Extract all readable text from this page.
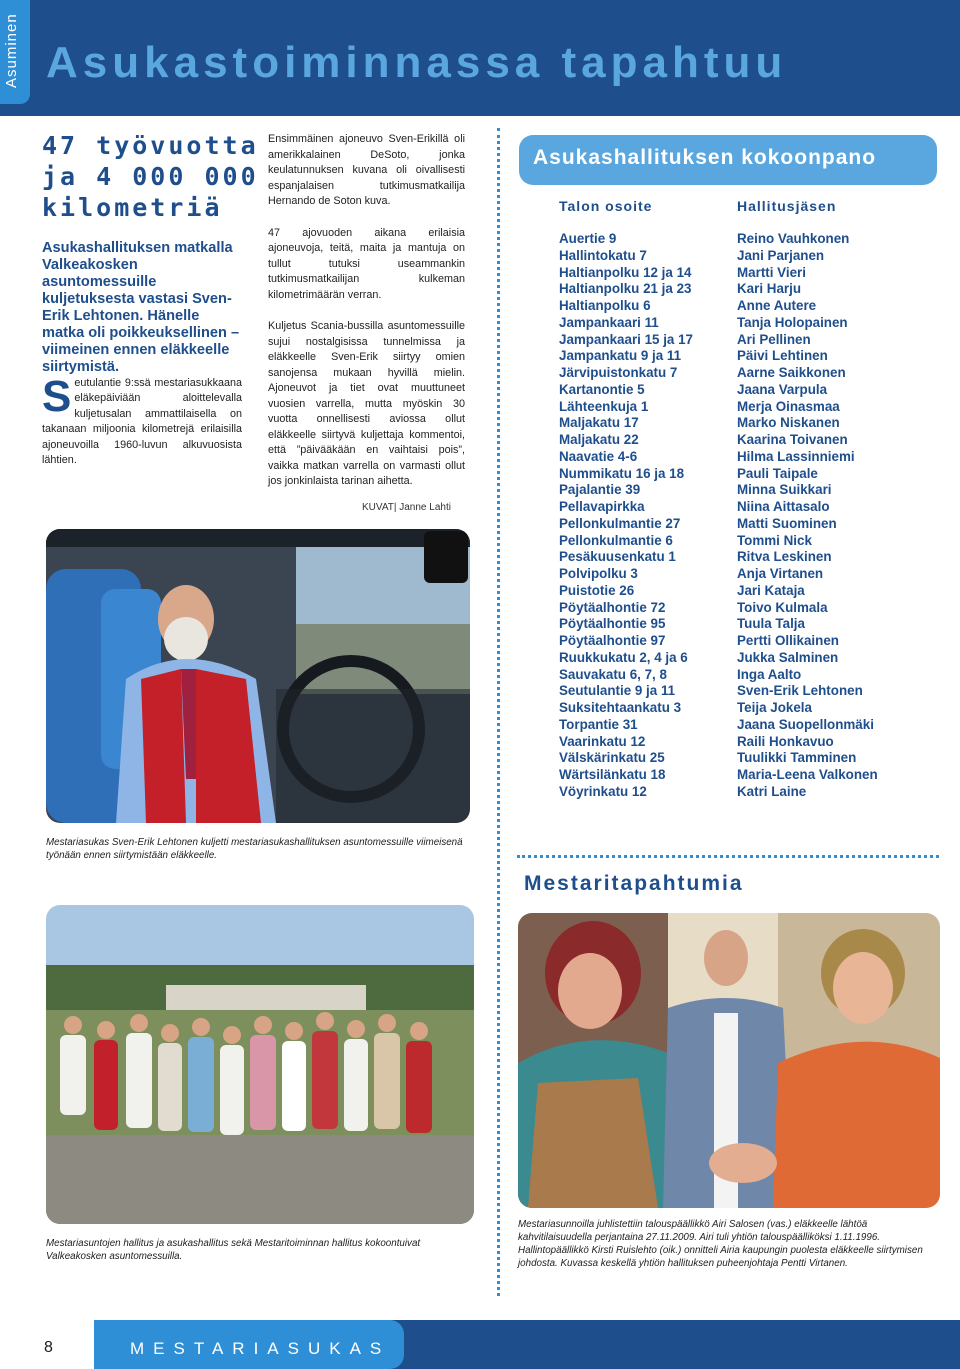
Asuminen Asukastoiminnassa tapahtuu
47 työvuotta
ja 4 000 000
kilometriä

Asukashallituksen matkalla Valkeakosken asuntomessuille kuljetuksesta vastasi Sven-Erik Lehtonen. Hänelle matka oli poikkeuksellinen – viimeinen ennen eläkkeelle siirtymistä.

Seutulantie 9:ssä mestariasukkaana eläkepäiviään aloittelevalla kuljetusalan ammattilaisella on takanaan miljoonia kilometrejä erilaisilla ajoneuvoilla 1960-luvun alkuvuosista lähtien.

Ensimmäinen ajoneuvo Sven-Erikillä oli amerikkalainen DeSoto, jonka keulatunnuksen kuvana oli oivallisesti espanjalaisen tutkimusmatkailija Hernando de Soton kuva.

47 ajovuoden aikana erilaisia ajoneuvoja, teitä, maita ja mantuja on tullut tutuksi useammankin tutkimusmatkailijan kulkeman kilometrimäärän verran.

Kuljetus Scania-bussilla asuntomessuille sujui nostalgisissa tunnelmissa ja eläkkeelle Sven-Erik siirtyy omien sanojensa mukaan hyvillä mielin. Ajoneuvot ja tiet ovat muuttuneet vuosien varrella, mutta myöskin 30 vuotta onnellisesti aviossa ollut eläkkeelle siirtyvä kuljettaja kommentoi, että ”päivääkään en vaihtaisi pois”, vaikka matkan varrella on varmasti ollut jos jonkinlaista tarinan aihetta.

KUVAT| Janne Lahti

Mestariasukas Sven-Erik Lehtonen kuljetti mestariasukashallituksen asuntomessuille viimeisenä työnään ennen siirtymistään eläkkeelle.

Mestariasuntojen hallitus ja asukashallitus sekä Mestaritoiminnan hallitus kokoontuivat Valkeakosken asuntomessuilla.

Asukashallituksen kokoonpano
Talon osoite	Hallitusjäsen
Auertie 9
Hallintokatu 7
Haltianpolku 12 ja 14
Haltianpolku 21 ja 23
Haltianpolku 6
Jampankaari 11
Jampankaari 15 ja 17
Jampankatu 9 ja 11
Järvipuistonkatu 7
Kartanontie 5
Lähteenkuja 1
Maljakatu 17
Maljakatu 22
Naavatie 4-6
Nummikatu 16 ja 18
Pajalantie 39
Pellavapirkka
Pellonkulmantie 27
Pellonkulmantie 6
Pesäkuusenkatu 1
Polvipolku 3
Puistotie 26
Pöytäalhontie 72
Pöytäalhontie 95
Pöytäalhontie 97
Ruukkukatu 2, 4 ja 6
Sauvakatu 6, 7, 8
Seutulantie 9 ja 11
Suksitehtaankatu 3
Torpantie 31
Vaarinkatu 12
Välskärinkatu 25
Wärtsilänkatu 18
Vöyrinkatu 12
Reino Vauhkonen
Jani Parjanen
Martti Vieri
Kari Harju
Anne Autere
Tanja Holopainen
Ari Pellinen
Päivi Lehtinen
Aarne Saikkonen
Jaana Varpula
Merja Oinasmaa
Marko Niskanen
Kaarina Toivanen
Hilma Lassinniemi
Pauli Taipale
Minna Suikkari
Niina Aittasalo
Matti Suominen
Tommi Nick
Ritva Leskinen
Anja Virtanen
Jari Kataja
Toivo Kulmala
Tuula Talja
Pertti Ollikainen
Jukka Salminen
Inga Aalto
Sven-Erik Lehtonen
Teija Jokela
Jaana Suopellonmäki
Raili Honkavuo
Tuulikki Tamminen
Maria-Leena Valkonen
Katri Laine
Mestaritapahtumia

Mestariasunnoilla juhlistettiin talouspäällikkö Airi Salosen (vas.) eläkkeelle lähtöä kahvitilaisuudella perjantaina 27.11.2009. Airi tuli yhtiön talouspäälliköksi 1.11.1996. Hallintopäällikkö Kirsti Ruislehto (oik.) onnitteli Airia kaupungin puolesta eläkkeelle siirtymisen johdosta. Kuvassa keskellä yhtiön hallituksen puheenjohtaja Pentti Virtanen.

8	MESTARIASUKAS
